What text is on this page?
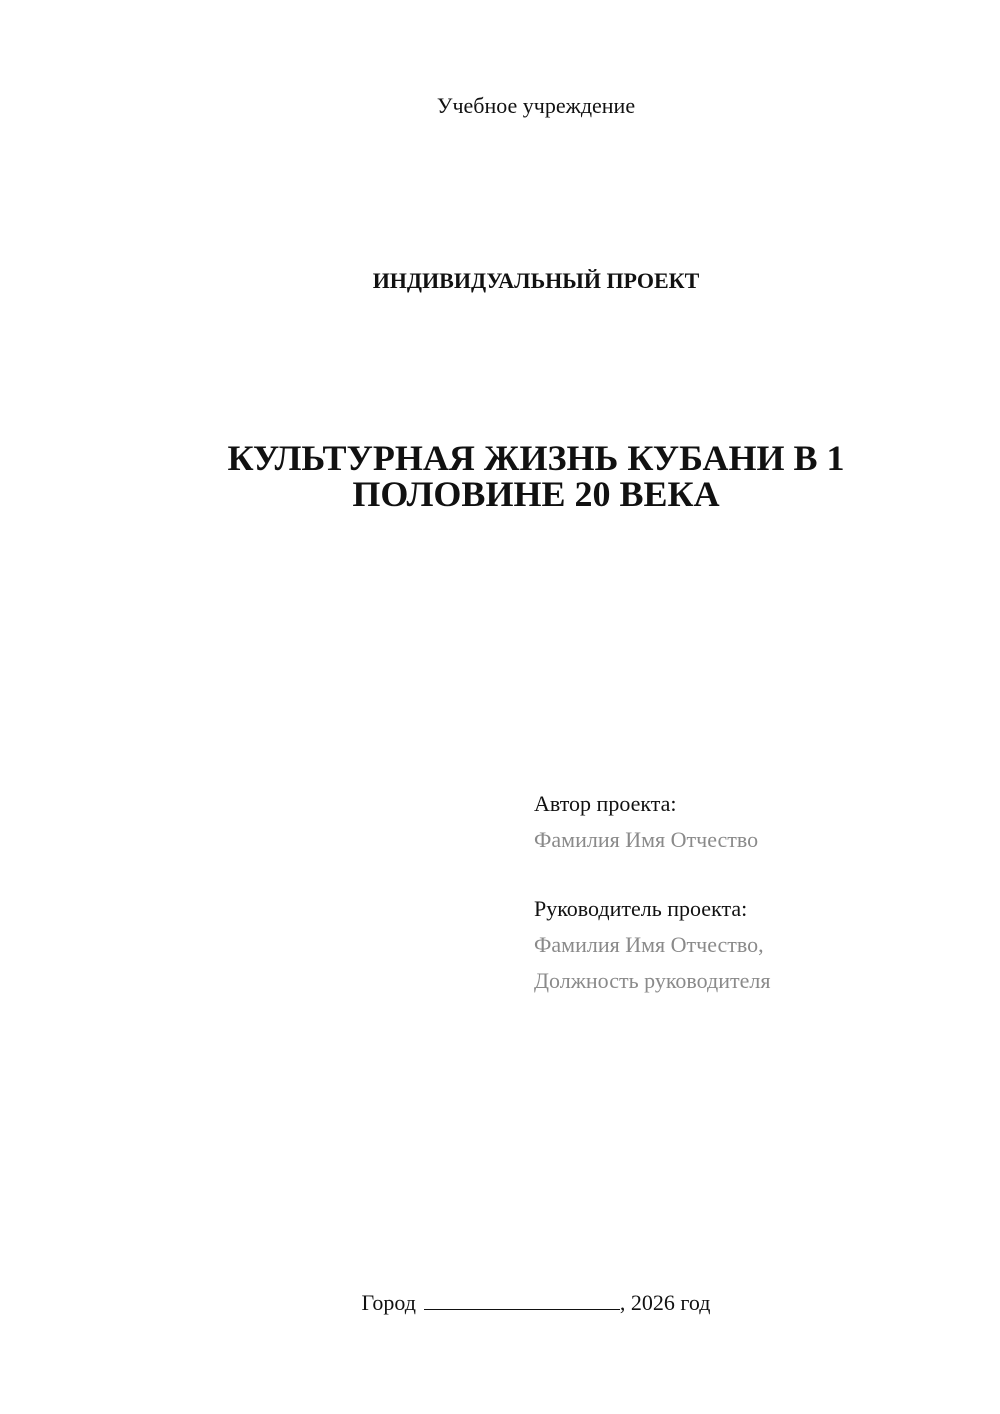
Учебное учреждение
ИНДИВИДУАЛЬНЫЙ ПРОЕКТ
КУЛЬТУРНАЯ ЖИЗНЬ КУБАНИ В 1
ПОЛОВИНЕ 20 ВЕКА
Автор проекта:
Фамилия Имя Отчество
Руководитель проекта:
Фамилия Имя Отчество,
Должность руководителя
Город	, 2026 год
